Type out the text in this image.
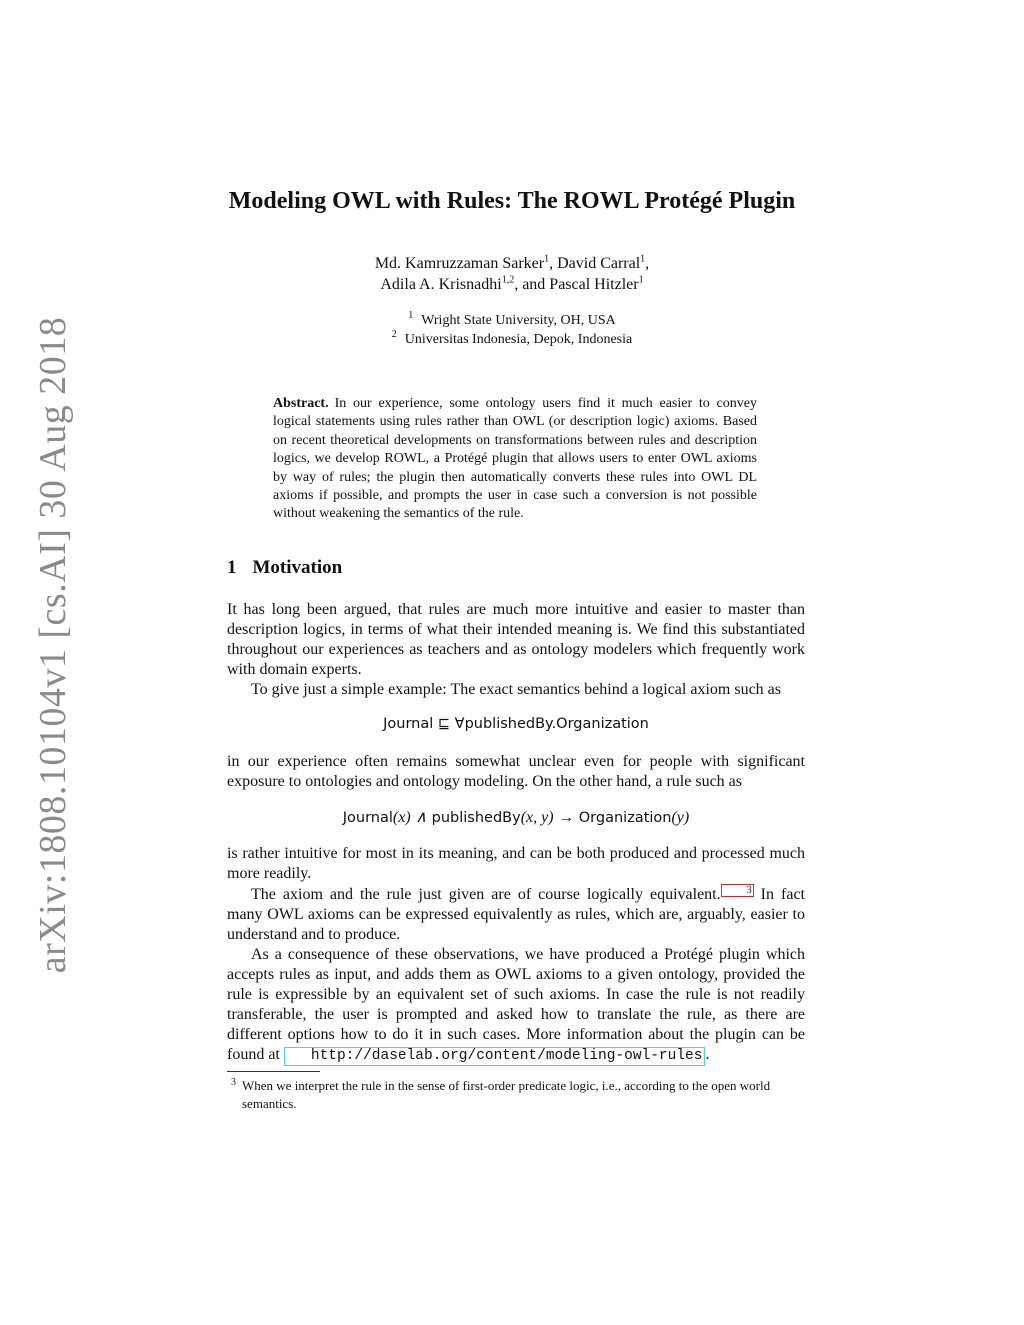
arXiv:1808.10104v1 [cs.AI] 30 Aug 2018
Modeling OWL with Rules: The ROWL Protégé Plugin
Md. Kamruzzaman Sarker$^1$, David Carral$^1$,
Adila A. Krisnadhi$^{1,2}$, and Pascal Hitzler$^1$
$^1$ Wright State University, OH, USA
$^2$ Universitas Indonesia, Depok, Indonesia
Abstract. In our experience, some ontology users find it much easier to convey logical statements using rules rather than OWL (or description logic) axioms. Based on recent theoretical developments on transformations between rules and description logics, we develop ROWL, a Protégé plugin that allows users to enter OWL axioms by way of rules; the plugin then automatically converts these rules into OWL DL axioms if possible, and prompts the user in case such a conversion is not possible without weakening the semantics of the rule.
1 Motivation

It has long been argued, that rules are much more intuitive and easier to master than description logics, in terms of what their intended meaning is. We find this substantiated throughout our experiences as teachers and as ontology modelers which frequently work with domain experts.

To give just a simple example: The exact semantics behind a logical axiom such as

Journal ⊑ ∀publishedBy.Organization

in our experience often remains somewhat unclear even for people with significant exposure to ontologies and ontology modeling. On the other hand, a rule such as

Journal(x) ∧ publishedBy(x, y) → Organization(y)

is rather intuitive for most in its meaning, and can be both produced and processed much more readily.

The axiom and the rule just given are of course logically equivalent.	3 In fact many OWL axioms can be expressed equivalently as rules, which are, arguably, easier to understand and to produce.

As a consequence of these observations, we have produced a Protégé plugin which accepts rules as input, and adds them as OWL axioms to a given ontology, provided the rule is expressible by an equivalent set of such axioms. In case the rule is not readily transferable, the user is prompted and asked how to translate the rule, as there are different options how to do it in such cases. More information about the plugin can be found at http://daselab.org/content/modeling-owl-rules .

3 When we interpret the rule in the sense of first-order predicate logic, i.e., according to the open world semantics.
